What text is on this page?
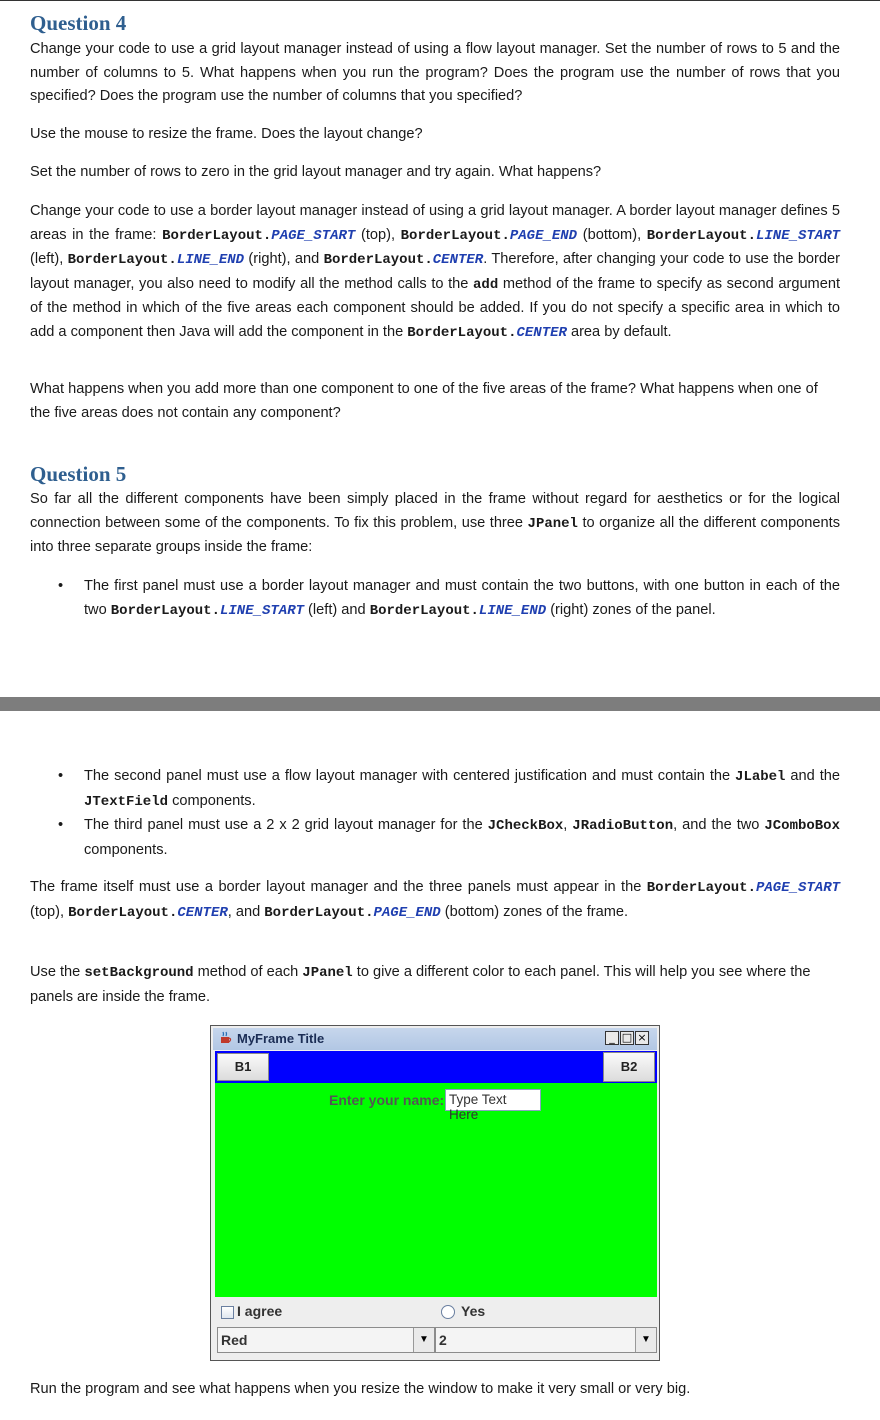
Question 4

Change your code to use a grid layout manager instead of using a flow layout manager. Set the number of rows to 5 and the number of columns to 5. What happens when you run the program? Does the program use the number of rows that you specified? Does the program use the number of columns that you specified?

Use the mouse to resize the frame. Does the layout change?

Set the number of rows to zero in the grid layout manager and try again. What happens?

Change your code to use a border layout manager instead of using a grid layout manager. A border layout manager defines 5 areas in the frame: BorderLayout.PAGE_START (top), BorderLayout.PAGE_END (bottom), BorderLayout.LINE_START (left), BorderLayout.LINE_END (right), and BorderLayout.CENTER. Therefore, after changing your code to use the border layout manager, you also need to modify all the method calls to the add method of the frame to specify as second argument of the method in which of the five areas each component should be added. If you do not specify a specific area in which to add a component then Java will add the component in the BorderLayout.CENTER area by default.

What happens when you add more than one component to one of the five areas of the frame? What happens when one of the five areas does not contain any component?

Question 5

So far all the different components have been simply placed in the frame without regard for aesthetics or for the logical connection between some of the components. To fix this problem, use three JPanel to organize all the different components into three separate groups inside the frame:

• The first panel must use a border layout manager and must contain the two buttons, with one button in each of the two BorderLayout.LINE_START (left) and BorderLayout.LINE_END (right) zones of the panel.
• The second panel must use a flow layout manager with centered justification and must contain the JLabel and the JTextField components.
• The third panel must use a 2 x 2 grid layout manager for the JCheckBox, JRadioButton, and the two JComboBox components.

The frame itself must use a border layout manager and the three panels must appear in the BorderLayout.PAGE_START (top), BorderLayout.CENTER, and BorderLayout.PAGE_END (bottom) zones of the frame.

Use the setBackground method of each JPanel to give a different color to each panel. This will help you see where the panels are inside the frame.

Run the program and see what happens when you resize the window to make it very small or very big.

MyFrame Title	_ □ ×
B1	B2
Enter your name: Type Text Here
I agree	Yes
Red	▼ 2	▼
